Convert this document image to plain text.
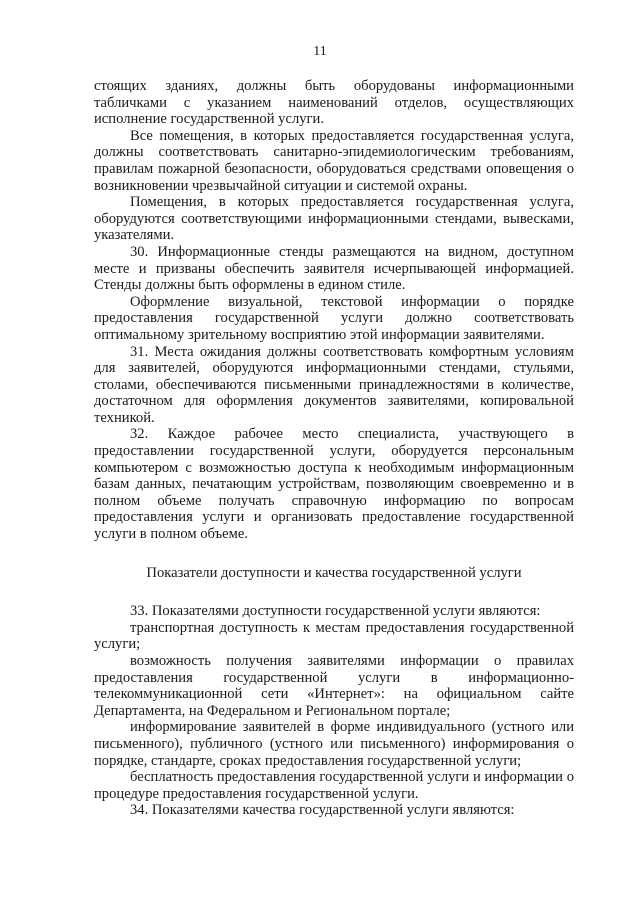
11

стоящих зданиях, должны быть оборудованы информационными табличками с указанием наименований отделов, осуществляющих исполнение государственной услуги.

Все помещения, в которых предоставляется государственная услуга, должны соответствовать санитарно-эпидемиологическим требованиям, правилам пожарной безопасности, оборудоваться средствами оповещения о возникновении чрезвычайной ситуации и системой охраны.

Помещения, в которых предоставляется государственная услуга, оборудуются соответствующими информационными стендами, вывесками, указателями.

30. Информационные стенды размещаются на видном, доступном месте и призваны обеспечить заявителя исчерпывающей информацией. Стенды должны быть оформлены в едином стиле.

Оформление визуальной, текстовой информации о порядке предоставления государственной услуги должно соответствовать оптимальному зрительному восприятию этой информации заявителями.

31. Места ожидания должны соответствовать комфортным условиям для заявителей, оборудуются информационными стендами, стульями, столами, обеспечиваются письменными принадлежностями в количестве, достаточном для оформления документов заявителями, копировальной техникой.

32. Каждое рабочее место специалиста, участвующего в предоставлении государственной услуги, оборудуется персональным компьютером с возможностью доступа к необходимым информационным базам данных, печатающим устройствам, позволяющим своевременно и в полном объеме получать справочную информацию по вопросам предоставления услуги и организовать предоставление государственной услуги в полном объеме.

Показатели доступности и качества государственной услуги

33. Показателями доступности государственной услуги являются:

транспортная доступность к местам предоставления государственной услуги;

возможность получения заявителями информации о правилах предоставления государственной услуги в информационно-телекоммуникационной сети «Интернет»: на официальном сайте Департамента, на Федеральном и Региональном портале;

информирование заявителей в форме индивидуального (устного или письменного), публичного (устного или письменного) информирования о порядке, стандарте, сроках предоставления государственной услуги;

бесплатность предоставления государственной услуги и информации о процедуре предоставления государственной услуги.

34. Показателями качества государственной услуги являются:
